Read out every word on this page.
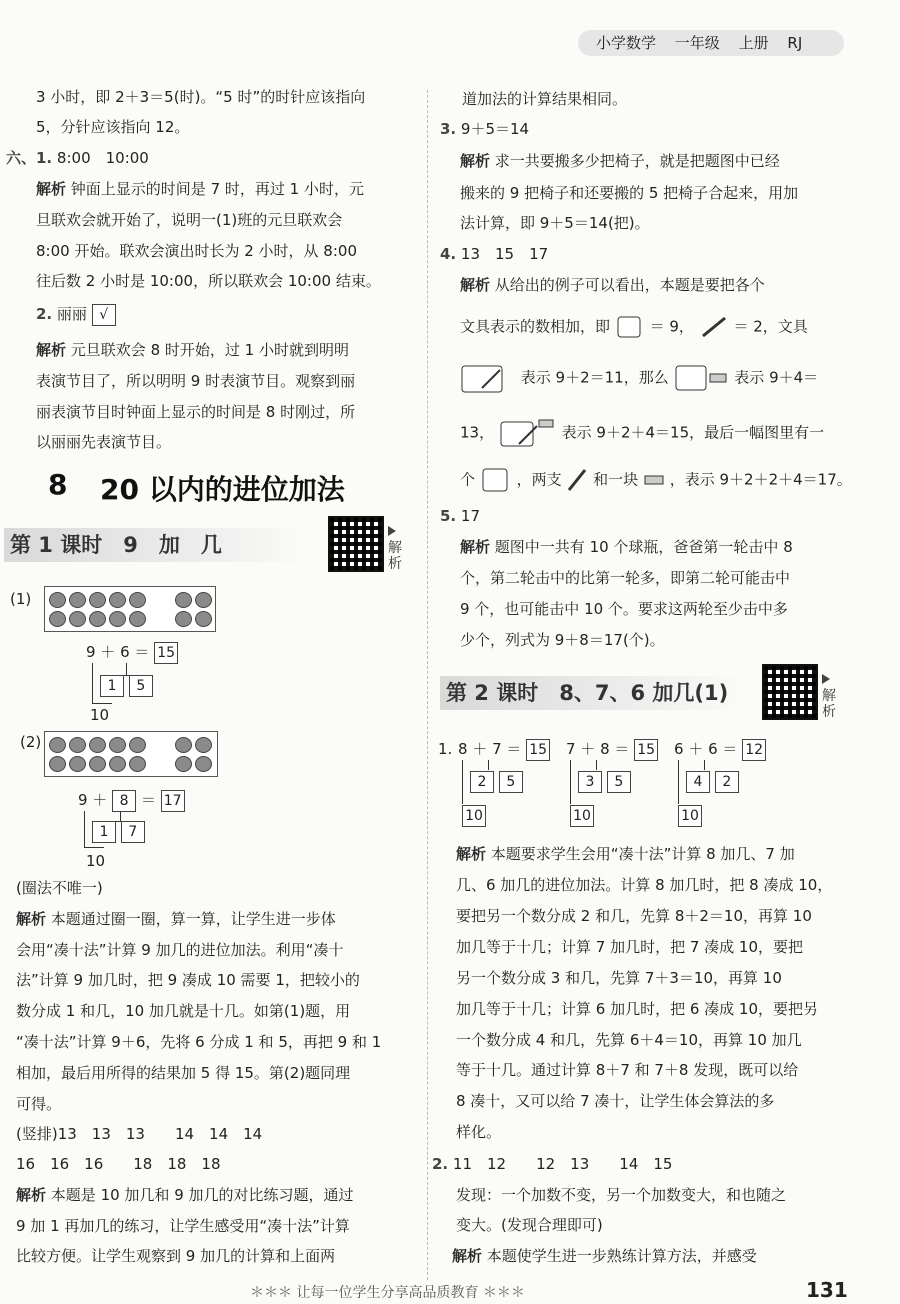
小学数学 一年级 上册 RJ
3 小时，即 2＋3＝5(时)。“5 时”的时针应该指向
5，分针应该指向 12。
六、1. 8:00　10:00
解析 钟面上显示的时间是 7 时，再过 1 小时，元
旦联欢会就开始了，说明一(1)班的元旦联欢会
8:00 开始。联欢会演出时长为 2 小时，从 8:00
往后数 2 小时是 10:00，所以联欢会 10:00 结束。
2. 丽丽 √
解析 元旦联欢会 8 时开始，过 1 小时就到明明
表演节目了，所以明明 9 时表演节目。观察到丽
丽表演节目时钟面上显示的时间是 8 时刚过，所
以丽丽先表演节目。
8 20 以内的进位加法
第 1 课时　9　加　几	解析
(1)
9 ＋ 6 ＝ 15
1 5
10
(2)
9 ＋ 8 ＝ 17
1 7
10
(圈法不唯一)
解析 本题通过圈一圈，算一算，让学生进一步体
会用“凑十法”计算 9 加几的进位加法。利用“凑十
法”计算 9 加几时，把 9 凑成 10 需要 1，把较小的
数分成 1 和几，10 加几就是十几。如第(1)题，用
“凑十法”计算 9＋6，先将 6 分成 1 和 5，再把 9 和 1
相加，最后用所得的结果加 5 得 15。第(2)题同理
可得。
(竖排)13　13　13　　14　14　14
16　16　16　　18　18　18
解析 本题是 10 加几和 9 加几的对比练习题，通过
9 加 1 再加几的练习，让学生感受用“凑十法”计算
比较方便。让学生观察到 9 加几的计算和上面两
道加法的计算结果相同。
3. 9＋5＝14
解析 求一共要搬多少把椅子，就是把题图中已经
搬来的 9 把椅子和还要搬的 5 把椅子合起来，用加
法计算，即 9＋5＝14(把)。
4. 13　15　17
解析 从给出的例子可以看出，本题是要把各个
文具表示的数相加，即	＝ 9，	＝ 2，文具
表示 9＋2＝11，那么	表示 9＋4＝
13，	表示 9＋2＋4＝15，最后一幅图里有一
个	，两支 和一块 ，表示 9＋2＋2＋4＝17。
5. 17
解析 题图中一共有 10 个球瓶，爸爸第一轮击中 8
个，第二轮击中的比第一轮多，即第二轮可能击中
9 个，也可能击中 10 个。要求这两轮至少击中多
少个，列式为 9＋8＝17(个)。
第 2 课时　8、7、6 加几(1)	解析
1. 8 ＋ 7 ＝ 15
2 5
10
7 ＋ 8 ＝ 15
3 5
10
6 ＋ 6 ＝ 12
4 2
10
解析 本题要求学生会用“凑十法”计算 8 加几、7 加
几、6 加几的进位加法。计算 8 加几时，把 8 凑成 10，
要把另一个数分成 2 和几，先算 8＋2＝10，再算 10
加几等于十几；计算 7 加几时，把 7 凑成 10，要把
另一个数分成 3 和几，先算 7＋3＝10，再算 10
加几等于十几；计算 6 加几时，把 6 凑成 10，要把另
一个数分成 4 和几，先算 6＋4＝10，再算 10 加几
等于十几。通过计算 8＋7 和 7＋8 发现，既可以给
8 凑十，又可以给 7 凑十，让学生体会算法的多
样化。
2. 11　12　　12　13　　14　15
发现：一个加数不变，另一个加数变大，和也随之
变大。(发现合理即可)
解析 本题使学生进一步熟练计算方法，并感受
＊＊＊ 让每一位学生分享高品质教育 ＊＊＊	131
